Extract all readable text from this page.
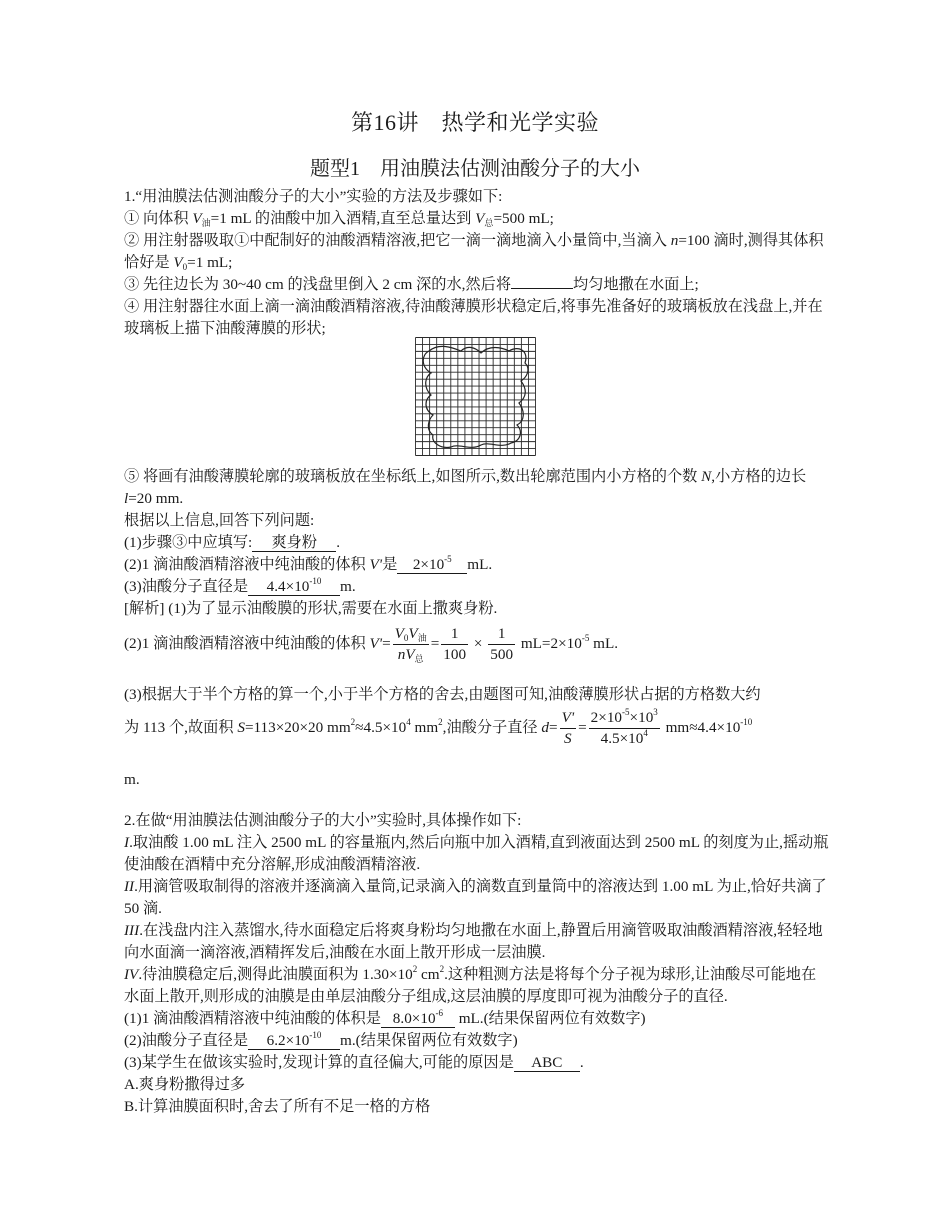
第16讲　热学和光学实验
题型1　用油膜法估测油酸分子的大小

1.“用油膜法估测油酸分子的大小”实验的方法及步骤如下:

① 向体积 $V_油=1$ mL 的油酸中加入酒精,直至总量达到 $V_总=500$ mL;

② 用注射器吸取①中配制好的油酸酒精溶液,把它一滴一滴地滴入小量筒中,当滴入 n=100 滴时,测得其体积恰好是 $V_0=1$ mL;

③ 先往边长为 30~40 cm 的浅盘里倒入 2 cm 深的水,然后将	均匀地撒在水面上;

④ 用注射器往水面上滴一滴油酸酒精溶液,待油酸薄膜形状稳定后,将事先准备好的玻璃板放在浅盘上,并在玻璃板上描下油酸薄膜的形状;

⑤ 将画有油酸薄膜轮廓的玻璃板放在坐标纸上,如图所示,数出轮廓范围内小方格的个数 N,小方格的边长 l=20 mm.

根据以上信息,回答下列问题:

(1)步骤③中应填写: 爽身粉 .

(2)1 滴油酸酒精溶液中纯油酸的体积 V'是 $2\times 10^{-5}$ mL.

(3)油酸分子直径是 $4.4\times 10^{-10}$ m.

[解析] (1)为了显示油酸膜的形状,需要在水面上撒爽身粉.

(2)1 滴油酸酒精溶液中纯油酸的体积 $V'= \frac{V_0V_油}{nV_总} = \frac{1}{100} \times \frac{1}{500} mL=2\times 10^{-5}$ mL.
(3)根据大于半个方格的算一个,小于半个方格的舍去,由题图可知,油酸薄膜形状占据的方格数大约
为 113 个,故面积 S=113×20×20 $mm^2\approx 4.5\times 10^4$ $mm^2$,油酸分子直径 $d= \frac{V'}{S} = \frac{2\times 10^{-5}\times 10^3}{4.5\times 10^4} mm\approx 4.4\times 10^{-10}$
m.

2.在做“用油膜法估测油酸分子的大小”实验时,具体操作如下:

I.取油酸 1.00 mL 注入 2500 mL 的容量瓶内,然后向瓶中加入酒精,直到液面达到 2500 mL 的刻度为止,摇动瓶使油酸在酒精中充分溶解,形成油酸酒精溶液.

II.用滴管吸取制得的溶液并逐滴滴入量筒,记录滴入的滴数直到量筒中的溶液达到 1.00 mL 为止,恰好共滴了 50 滴.

III.在浅盘内注入蒸馏水,待水面稳定后将爽身粉均匀地撒在水面上,静置后用滴管吸取油酸酒精溶液,轻轻地向水面滴一滴溶液,酒精挥发后,油酸在水面上散开形成一层油膜.

IV.待油膜稳定后,测得此油膜面积为 $1.30\times 10^2$ $cm^2$.这种粗测方法是将每个分子视为球形,让油酸尽可能地在水面上散开,则形成的油膜是由单层油酸分子组成,这层油膜的厚度即可视为油酸分子的直径.

(1)1 滴油酸酒精溶液中纯油酸的体积是 $8.0\times 10^{-6}$ mL.(结果保留两位有效数字)

(2)油酸分子直径是 $6.2\times 10^{-10}$ m.(结果保留两位有效数字)

(3)某学生在做该实验时,发现计算的直径偏大,可能的原因是 ABC .

A.爽身粉撒得过多

B.计算油膜面积时,舍去了所有不足一格的方格
